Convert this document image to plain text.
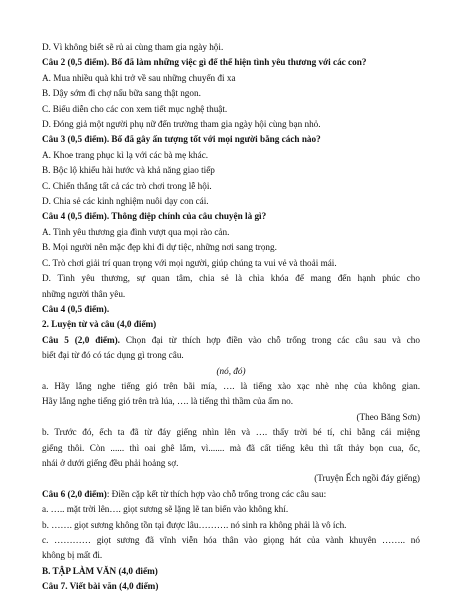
D. Vì không biết sẽ rủ ai cùng tham gia ngày hội.
Câu 2 (0,5 điểm). Bố đã làm những việc gì để thể hiện tình yêu thương với các con?
A. Mua nhiều quà khi trở về sau những chuyến đi xa
B. Dậy sớm đi chợ nấu bữa sang thật ngon.
C. Biểu diễn cho các con xem tiết mục nghệ thuật.
D. Đóng giả một người phụ nữ đến trường tham gia ngày hội cùng bạn nhỏ.
Câu 3 (0,5 điểm). Bố đã gây ấn tượng tốt với mọi người bằng cách nào?
A. Khoe trang phục kì lạ với các bà mẹ khác.
B. Bộc lộ khiếu hài hước và khả năng giao tiếp
C. Chiến thắng tất cả các trò chơi trong lễ hội.
D. Chia sẻ các kinh nghiệm nuôi dạy con cái.
Câu 4 (0,5 điểm). Thông điệp chính của câu chuyện là gì?
A. Tình yêu thương gia đình vượt qua mọi rào cản.
B. Mọi người nên mặc đẹp khi đi dự tiệc, những nơi sang trọng.
C. Trò chơi giải trí quan trọng với mọi người, giúp chúng ta vui vẻ và thoải mái.
D. Tình yêu thương, sự quan tâm, chia sẻ là chìa khóa để mang đến hạnh phúc cho
những người thân yêu.
Câu 4 (0,5 điểm).
2. Luyện từ và câu (4,0 điểm)
Câu 5 (2,0 điểm). Chọn đại từ thích hợp điền vào chỗ trống trong các câu sau và cho
biết đại từ đó có tác dụng gì trong câu.
(nó, đó)
a. Hãy lắng nghe tiếng gió trên bãi mía, …. là tiếng xào xạc nhè nhẹ của không gian.
Hãy lắng nghe tiếng gió trên trà lúa, …. là tiếng thì thầm của ấm no.
(Theo Băng Sơn)
b. Trước đó, ếch ta đã từ đáy giếng nhìn lên và …. thấy trời bé tí, chỉ bằng cái miệng
giếng thôi. Còn ...... thì oai ghê lắm, vì....... mà đã cất tiếng kêu thì tất thảy bọn cua, ốc,
nhái ở dưới giếng đều phải hoảng sợ.
(Truyện Ếch ngồi đáy giếng)
Câu 6 (2,0 điểm): Điền cặp kết từ thích hợp vào chỗ trống trong các câu sau:
a. ….. mặt trời lên…. giọt sương sẽ lặng lẽ tan biến vào không khí.
b. ……. giọt sương không tồn tại được lâu………. nó sinh ra không phải là vô ích.
c. ………… giọt sương đã vĩnh viễn hóa thân vào giọng hát của vành khuyên …….. nó
không bị mất đi.
B. TẬP LÀM VĂN (4,0 điểm)
Câu 7. Viết bài văn (4,0 điểm)
